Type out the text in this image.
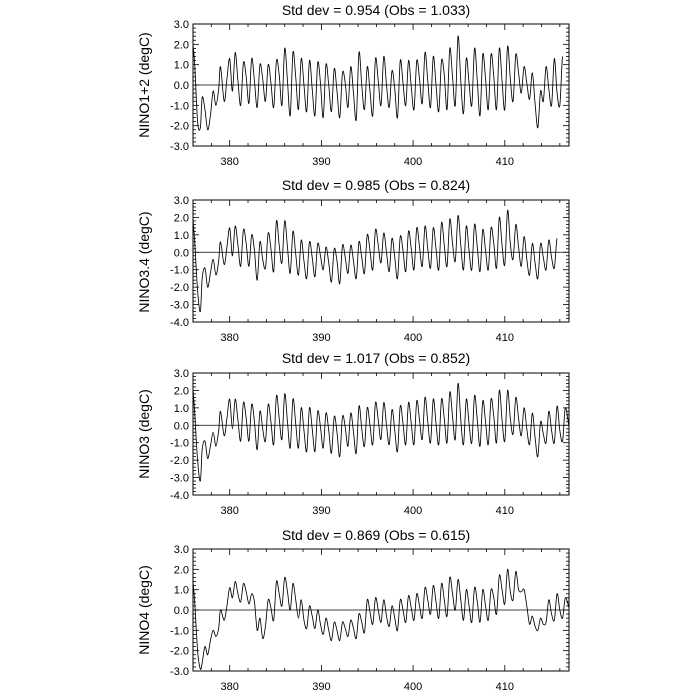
Std dev = 0.954 (Obs = 1.033)
NINO1+2 (degC)
-3.0
-2.0
-1.0
0.0
1.0
2.0
3.0
380	390	400	410
Std dev = 0.985 (Obs = 0.824)
NINO3.4 (degC)
-4.0
-3.0
-2.0
-1.0
0.0
1.0
2.0
3.0
380	390	400	410
Std dev = 1.017 (Obs = 0.852)
NINO3 (degC)
-4.0
-3.0
-2.0
-1.0
0.0
1.0
2.0
3.0
380	390	400	410
Std dev = 0.869 (Obs = 0.615)
NINO4 (degC)
-3.0
-2.0
-1.0
0.0
1.0
2.0
3.0
380	390	400	410
